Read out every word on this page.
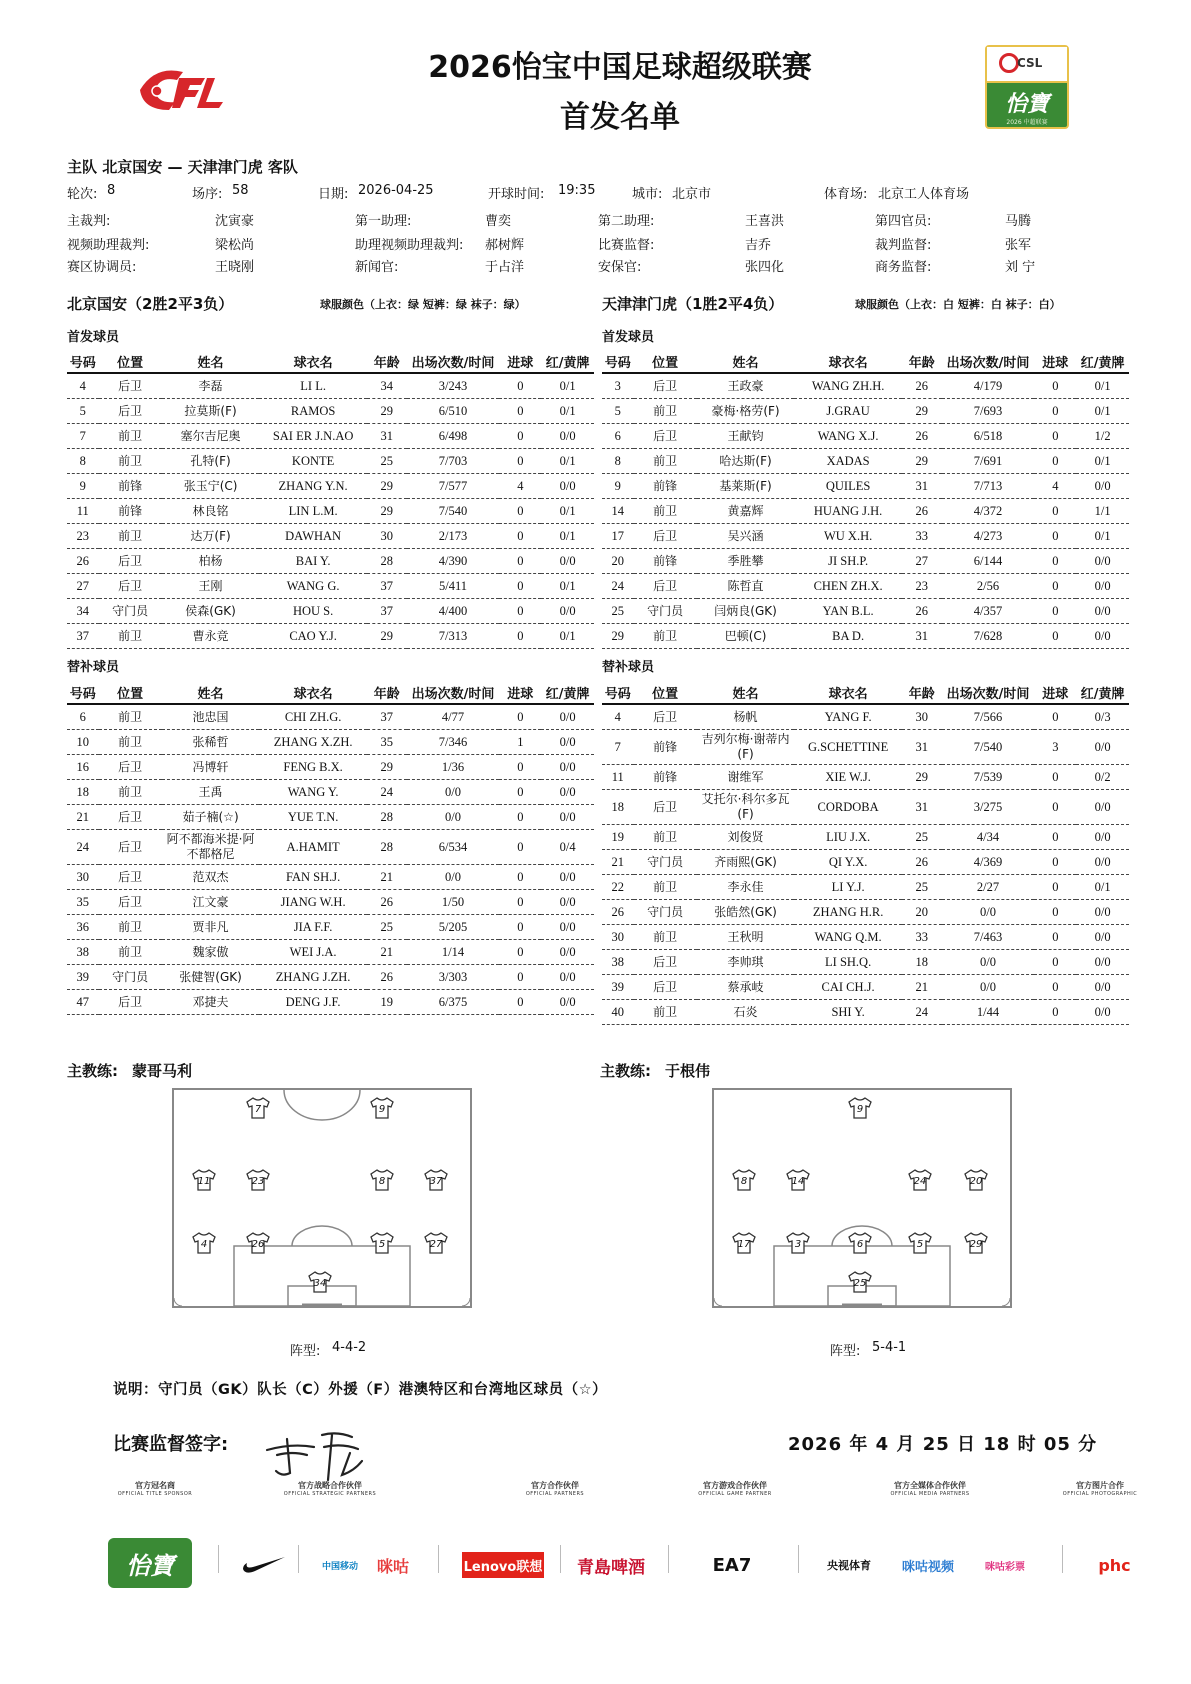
CFL
2026怡宝中国足球超级联赛
首发名单
CSL
怡寶
2026 中超联赛
主队 北京国安 — 天津津门虎 客队
轮次: 8	场序: 58	日期: 2026-04-25	开球时间: 19:35	城市: 北京市	体育场: 北京工人体育场
主裁判:	沈寅豪	第一助理:	曹奕	第二助理:	王喜洪	第四官员:	马腾
视频助理裁判:	梁松尚	助理视频助理裁判: 郝树辉	比赛监督:	吉乔	裁判监督:	张军
赛区协调员:	王晓刚	新闻官:	于占洋	安保官:	张四化	商务监督:	刘 宁
北京国安（2胜2平3负）	球服颜色（上衣：绿 短裤：绿 袜子：绿）	天津津门虎（1胜2平4负）	球服颜色（上衣：白 短裤：白 袜子：白）
首发球员	首发球员
号码	位置	姓名	球衣名	年龄	出场次数/时间	进球	红/黄牌
4	后卫	李磊	LI L.	34	3/243	0	0/1
5	后卫	拉莫斯(F)	RAMOS	29	6/510	0	0/1
7	前卫	塞尔吉尼奥	SAI ER J.N.AO	31	6/498	0	0/0
8	前卫	孔特(F)	KONTE	25	7/703	0	0/1
9	前锋	张玉宁(C)	ZHANG Y.N.	29	7/577	4	0/0
11	前锋	林良铭	LIN L.M.	29	7/540	0	0/1
23	前卫	达万(F)	DAWHAN	30	2/173	0	0/1
26	后卫	柏杨	BAI Y.	28	4/390	0	0/0
27	后卫	王刚	WANG G.	37	5/411	0	0/1
34	守门员	侯森(GK)	HOU S.	37	4/400	0	0/0
37	前卫	曹永竞	CAO Y.J.	29	7/313	0	0/1
号码	位置	姓名	球衣名	年龄	出场次数/时间	进球	红/黄牌
3	后卫	王政豪	WANG ZH.H.	26	4/179	0	0/1
5	前卫	豪梅·格劳(F)	J.GRAU	29	7/693	0	0/1
6	后卫	王献钧	WANG X.J.	26	6/518	0	1/2
8	前卫	哈达斯(F)	XADAS	29	7/691	0	0/1
9	前锋	基莱斯(F)	QUILES	31	7/713	4	0/0
14	前卫	黄嘉辉	HUANG J.H.	26	4/372	0	1/1
17	后卫	吴兴涵	WU X.H.	33	4/273	0	0/1
20	前锋	季胜攀	JI SH.P.	27	6/144	0	0/0
24	后卫	陈哲直	CHEN ZH.X.	23	2/56	0	0/0
25	守门员	闫炳良(GK)	YAN B.L.	26	4/357	0	0/0
29	前卫	巴顿(C)	BA D.	31	7/628	0	0/0
替补球员	替补球员
号码	位置	姓名	球衣名	年龄	出场次数/时间	进球	红/黄牌
6	前卫	池忠国	CHI ZH.G.	37	4/77	0	0/0
10	前卫	张稀哲	ZHANG X.ZH.	35	7/346	1	0/0
16	后卫	冯博轩	FENG B.X.	29	1/36	0	0/0
18	前卫	王禹	WANG Y.	24	0/0	0	0/0
21	后卫	茹子楠(☆)	YUE T.N.	28	0/0	0	0/0
24	后卫	阿不都海米提·阿不都格尼	A.HAMIT	28	6/534	0	0/4
30	后卫	范双杰	FAN SH.J.	21	0/0	0	0/0
35	后卫	江文豪	JIANG W.H.	26	1/50	0	0/0
36	前卫	贾非凡	JIA F.F.	25	5/205	0	0/0
38	前卫	魏家傲	WEI J.A.	21	1/14	0	0/0
39	守门员	张健智(GK)	ZHANG J.ZH.	26	3/303	0	0/0
47	后卫	邓捷夫	DENG J.F.	19	6/375	0	0/0
号码	位置	姓名	球衣名	年龄	出场次数/时间	进球	红/黄牌
4	后卫	杨帆	YANG F.	30	7/566	0	0/3
7	前锋	吉列尔梅·谢蒂内(F)	G.SCHETTINE	31	7/540	3	0/0
11	前锋	谢维军	XIE W.J.	29	7/539	0	0/2
18	后卫	艾托尔·科尔多瓦(F)	CORDOBA	31	3/275	0	0/0
19	前卫	刘俊贤	LIU J.X.	25	4/34	0	0/0
21	守门员	齐雨熙(GK)	QI Y.X.	26	4/369	0	0/0
22	前卫	李永佳	LI Y.J.	25	2/27	0	0/1
26	守门员	张皓然(GK)	ZHANG H.R.	20	0/0	0	0/0
30	前卫	王秋明	WANG Q.M.	33	7/463	0	0/0
38	后卫	李帅琪	LI SH.Q.	18	0/0	0	0/0
39	后卫	蔡承岐	CAI CH.J.	21	0/0	0	0/0
40	前卫	石炎	SHI Y.	24	1/44	0	0/0
主教练: 蒙哥马利	主教练: 于根伟
7	9
11	23	8	37
4	26	5	27
34
9
8	14	24	20
17	3	6	5	29
25
阵型: 4-4-2	阵型: 5-4-1
说明：守门员（GK）队长（C）外援（F）港澳特区和台湾地区球员（☆）
比赛监督签字:	2026 年 4 月 25 日 18 时 05 分
官方冠名商
OFFICIAL TITLE SPONSOR
官方战略合作伙伴
OFFICIAL STRATEGIC PARTNERS
官方合作伙伴
OFFICIAL PARTNERS
官方游戏合作伙伴
OFFICIAL GAME PARTNER
官方全媒体合作伙伴
OFFICIAL MEDIA PARTNERS
官方图片合作
OFFICIAL PHOTOGRAPHIC
怡寶	中国移动	咪咕	Lenovo联想 青島啤酒	EA7	央视体育	咪咕视频	咪咕彩票	phc
